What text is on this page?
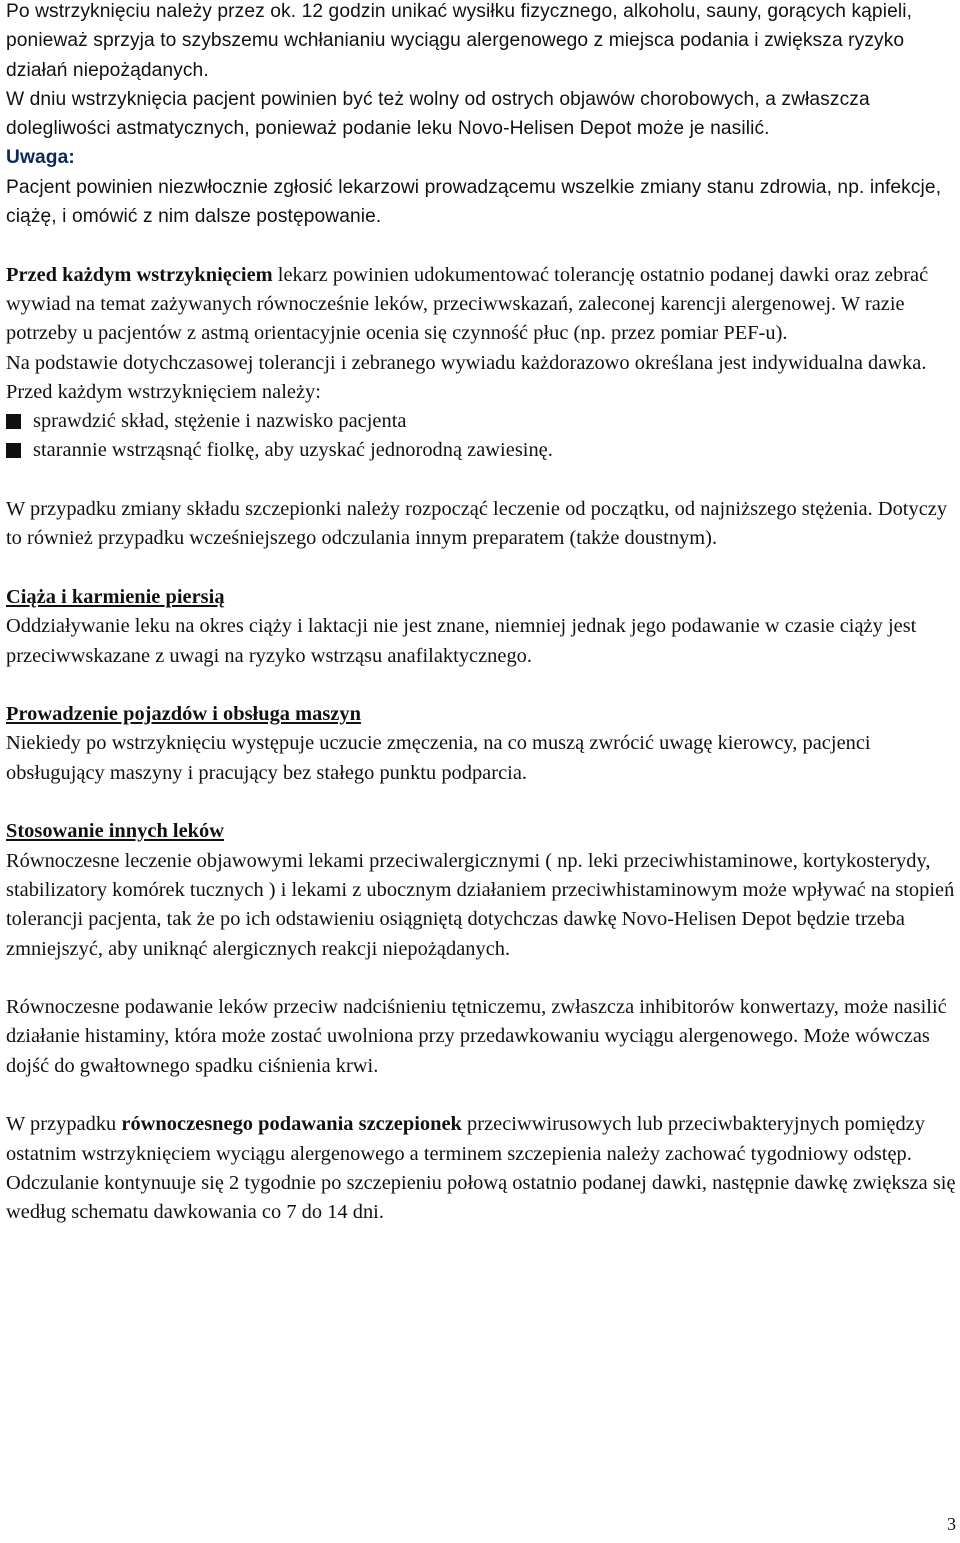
Po wstrzyknięciu należy przez ok. 12 godzin unikać wysiłku fizycznego, alkoholu, sauny, gorących kąpieli, ponieważ sprzyja to szybszemu wchłanianiu wyciągu alergenowego z miejsca podania i zwiększa ryzyko działań niepożądanych.

W dniu wstrzyknięcia pacjent powinien być też wolny od ostrych objawów chorobowych, a zwłaszcza dolegliwości astmatycznych, ponieważ podanie leku Novo-Helisen Depot może je nasilić.

Uwaga:

Pacjent powinien niezwłocznie zgłosić lekarzowi prowadzącemu wszelkie zmiany stanu zdrowia, np. infekcje, ciążę, i omówić z nim dalsze postępowanie.

Przed każdym wstrzyknięciem lekarz powinien udokumentować tolerancję ostatnio podanej dawki oraz zebrać wywiad na temat zażywanych równocześnie leków, przeciwwskazań, zaleconej karencji alergenowej. W razie potrzeby u pacjentów z astmą orientacyjnie ocenia się czynność płuc (np. przez pomiar PEF-u).

Na podstawie dotychczasowej tolerancji i zebranego wywiadu każdorazowo określana jest indywidualna dawka.

Przed każdym wstrzyknięciem należy:

sprawdzić skład, stężenie i nazwisko pacjenta
starannie wstrząsnąć fiolkę, aby uzyskać jednorodną zawiesinę.

W przypadku zmiany składu szczepionki należy rozpocząć leczenie od początku, od najniższego stężenia. Dotyczy to również przypadku wcześniejszego odczulania innym preparatem (także doustnym).

Ciąża i karmienie piersią

Oddziaływanie leku na okres ciąży i laktacji nie jest znane, niemniej jednak jego podawanie w czasie ciąży jest przeciwwskazane z uwagi na ryzyko wstrząsu anafilaktycznego.

Prowadzenie pojazdów i obsługa maszyn

Niekiedy po wstrzyknięciu występuje uczucie zmęczenia, na co muszą zwrócić uwagę kierowcy, pacjenci obsługujący maszyny i pracujący bez stałego punktu podparcia.

Stosowanie innych leków

Równoczesne leczenie objawowymi lekami przeciwalergicznymi ( np. leki przeciwhistaminowe, kortykosterydy, stabilizatory komórek tucznych ) i lekami z ubocznym działaniem przeciwhistaminowym może wpływać na stopień tolerancji pacjenta, tak że po ich odstawieniu osiągniętą dotychczas dawkę Novo-Helisen Depot będzie trzeba zmniejszyć, aby uniknąć alergicznych reakcji niepożądanych.

Równoczesne podawanie leków przeciw nadciśnieniu tętniczemu, zwłaszcza inhibitorów konwertazy, może nasilić działanie histaminy, która może zostać uwolniona przy przedawkowaniu wyciągu alergenowego. Może wówczas dojść do gwałtownego spadku ciśnienia krwi.

W przypadku równoczesnego podawania szczepionek przeciwwirusowych lub przeciwbakteryjnych pomiędzy ostatnim wstrzyknięciem wyciągu alergenowego a terminem szczepienia należy zachować tygodniowy odstęp. Odczulanie kontynuuje się 2 tygodnie po szczepieniu połową ostatnio podanej dawki, następnie dawkę zwiększa się według schematu dawkowania co 7 do 14 dni.

3
